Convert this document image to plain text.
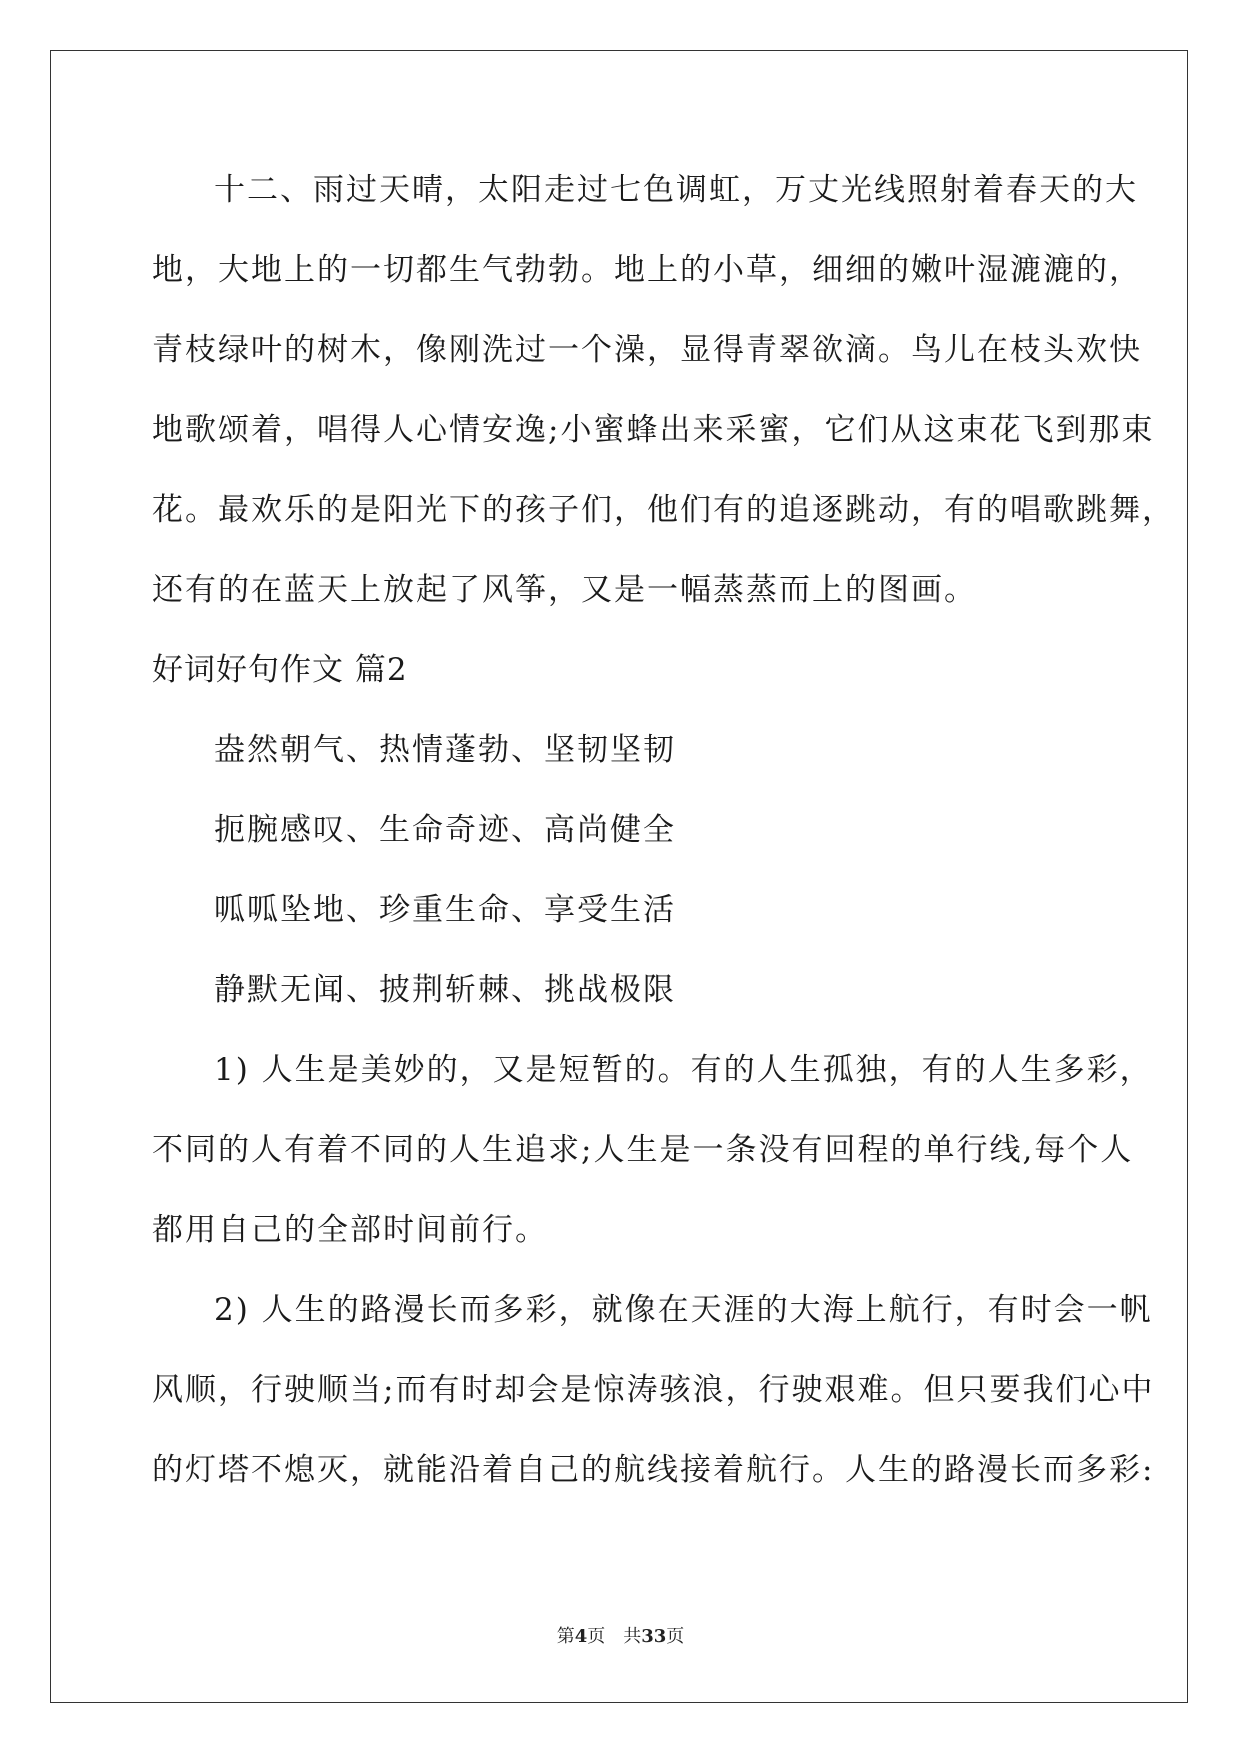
十二、雨过天晴，太阳走过七色调虹，万丈光线照射着春天的大
地，大地上的一切都生气勃勃。地上的小草，细细的嫩叶湿漉漉的，
青枝绿叶的树木，像刚洗过一个澡，显得青翠欲滴。鸟儿在枝头欢快
地歌颂着，唱得人心情安逸;小蜜蜂出来采蜜，它们从这束花飞到那束
花。最欢乐的是阳光下的孩子们，他们有的追逐跳动，有的唱歌跳舞，
还有的在蓝天上放起了风筝，又是一幅蒸蒸而上的图画。
好词好句作文 篇2
盎然朝气、热情蓬勃、坚韧坚韧
扼腕感叹、生命奇迹、高尚健全
呱呱坠地、珍重生命、享受生活
静默无闻、披荆斩棘、挑战极限
1) 人生是美妙的，又是短暂的。有的人生孤独，有的人生多彩，
不同的人有着不同的人生追求;人生是一条没有回程的单行线,每个人
都用自己的全部时间前行。
2) 人生的路漫长而多彩，就像在天涯的大海上航行，有时会一帆
风顺，行驶顺当;而有时却会是惊涛骇浪，行驶艰难。但只要我们心中
的灯塔不熄灭，就能沿着自己的航线接着航行。人生的路漫长而多彩:
第4页　共33页
